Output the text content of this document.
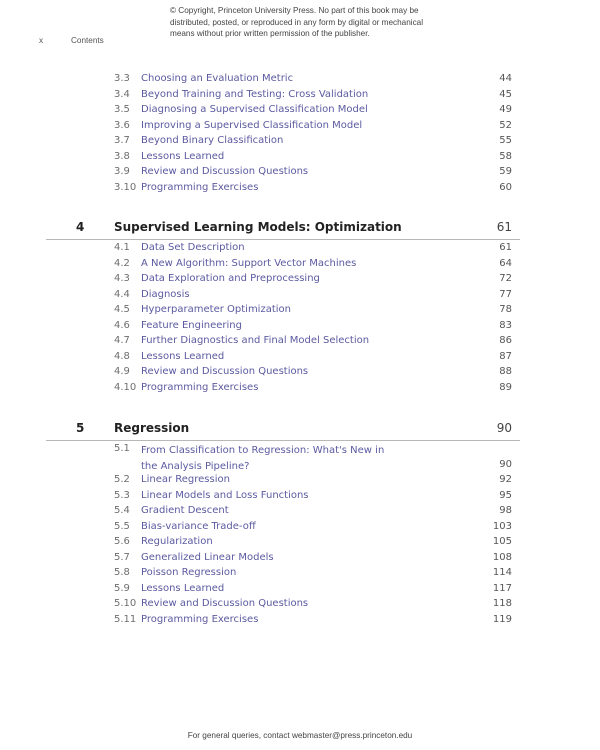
© Copyright, Princeton University Press. No part of this book may be
distributed, posted, or reproduced in any form by digital or mechanical
means without prior written permission of the publisher.
x	Contents
3.3 Choosing an Evaluation Metric	44
3.4 Beyond Training and Testing: Cross Validation	45
3.5 Diagnosing a Supervised Classification Model	49
3.6 Improving a Supervised Classification Model	52
3.7 Beyond Binary Classification	55
3.8 Lessons Learned	58
3.9 Review and Discussion Questions	59
3.10 Programming Exercises	60
4 Supervised Learning Models: Optimization	61
4.1 Data Set Description	61
4.2 A New Algorithm: Support Vector Machines	64
4.3 Data Exploration and Preprocessing	72
4.4 Diagnosis	77
4.5 Hyperparameter Optimization	78
4.6 Feature Engineering	83
4.7 Further Diagnostics and Final Model Selection	86
4.8 Lessons Learned	87
4.9 Review and Discussion Questions	88
4.10 Programming Exercises	89
5 Regression	90
5.1 From Classification to Regression: What's New in
the Analysis Pipeline?	90
5.2 Linear Regression	92
5.3 Linear Models and Loss Functions	95
5.4 Gradient Descent	98
5.5 Bias-variance Trade-off	103
5.6 Regularization	105
5.7 Generalized Linear Models	108
5.8 Poisson Regression	114
5.9 Lessons Learned	117
5.10 Review and Discussion Questions	118
5.11 Programming Exercises	119
For general queries, contact webmaster@press.princeton.edu
